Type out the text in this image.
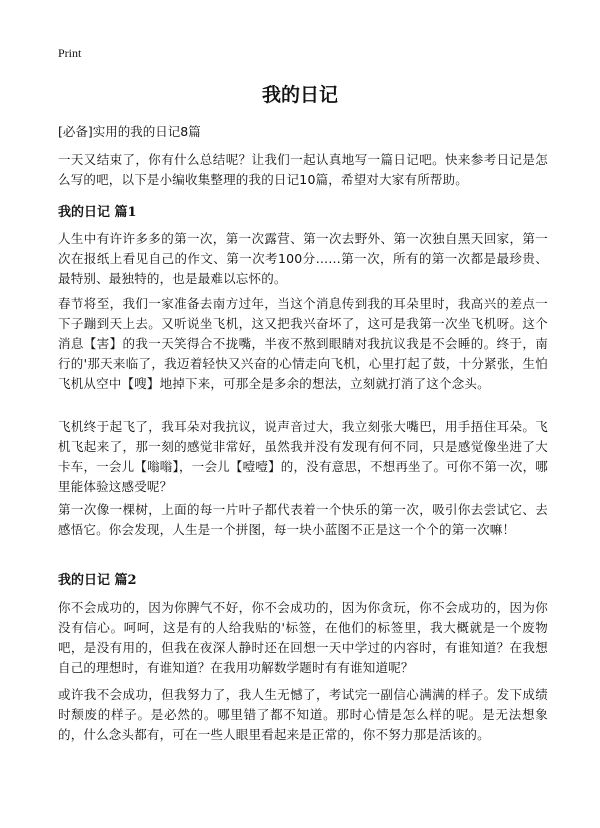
Print
我的日记

[必备]实用的我的日记8篇

一天又结束了，你有什么总结呢？让我们一起认真地写一篇日记吧。快来参考日记是怎么写的吧，以下是小编收集整理的我的日记10篇，希望对大家有所帮助。

我的日记 篇1

人生中有许许多多的第一次，第一次露营、第一次去野外、第一次独自黑天回家，第一次在报纸上看见自己的作文、第一次考100分……第一次，所有的第一次都是最珍贵、最特别、最独特的，也是最难以忘怀的。

春节将至，我们一家准备去南方过年，当这个消息传到我的耳朵里时，我高兴的差点一下子蹦到天上去。又听说坐飞机，这又把我兴奋坏了，这可是我第一次坐飞机呀。这个消息【害】的我一天笑得合不拢嘴，半夜不熬到眼睛对我抗议我是不会睡的。终于，南行的'那天来临了，我迈着轻快又兴奋的心情走向飞机，心里打起了鼓，十分紧张，生怕飞机从空中【嗖】地掉下来，可那全是多余的想法，立刻就打消了这个念头。

飞机终于起飞了，我耳朵对我抗议，说声音过大，我立刻张大嘴巴，用手捂住耳朵。飞机飞起来了，那一刻的感觉非常好，虽然我并没有发现有何不同，只是感觉像坐进了大卡车，一会儿【嗡嗡】，一会儿【噎噎】的，没有意思，不想再坐了。可你不第一次，哪里能体验这感受呢？

第一次像一棵树，上面的每一片叶子都代表着一个快乐的第一次，吸引你去尝试它、去感悟它。你会发现，人生是一个拼图，每一块小蓝图不正是这一个个的第一次嘛！

我的日记 篇2

你不会成功的，因为你脾气不好，你不会成功的，因为你贪玩，你不会成功的，因为你没有信心。呵呵，这是有的人给我贴的'标签，在他们的标签里，我大概就是一个废物吧，是没有用的，但我在夜深人静时还在回想一天中学过的内容时，有谁知道？在我想自己的理想时，有谁知道？在我用功解数学题时有有谁知道呢？

或许我不会成功，但我努力了，我人生无憾了，考试完一副信心满满的样子。发下成绩时颓废的样子。是必然的。哪里错了都不知道。那时心情是怎么样的呢。是无法想象的，什么念头都有，可在一些人眼里看起来是正常的，你不努力那是活该的。
